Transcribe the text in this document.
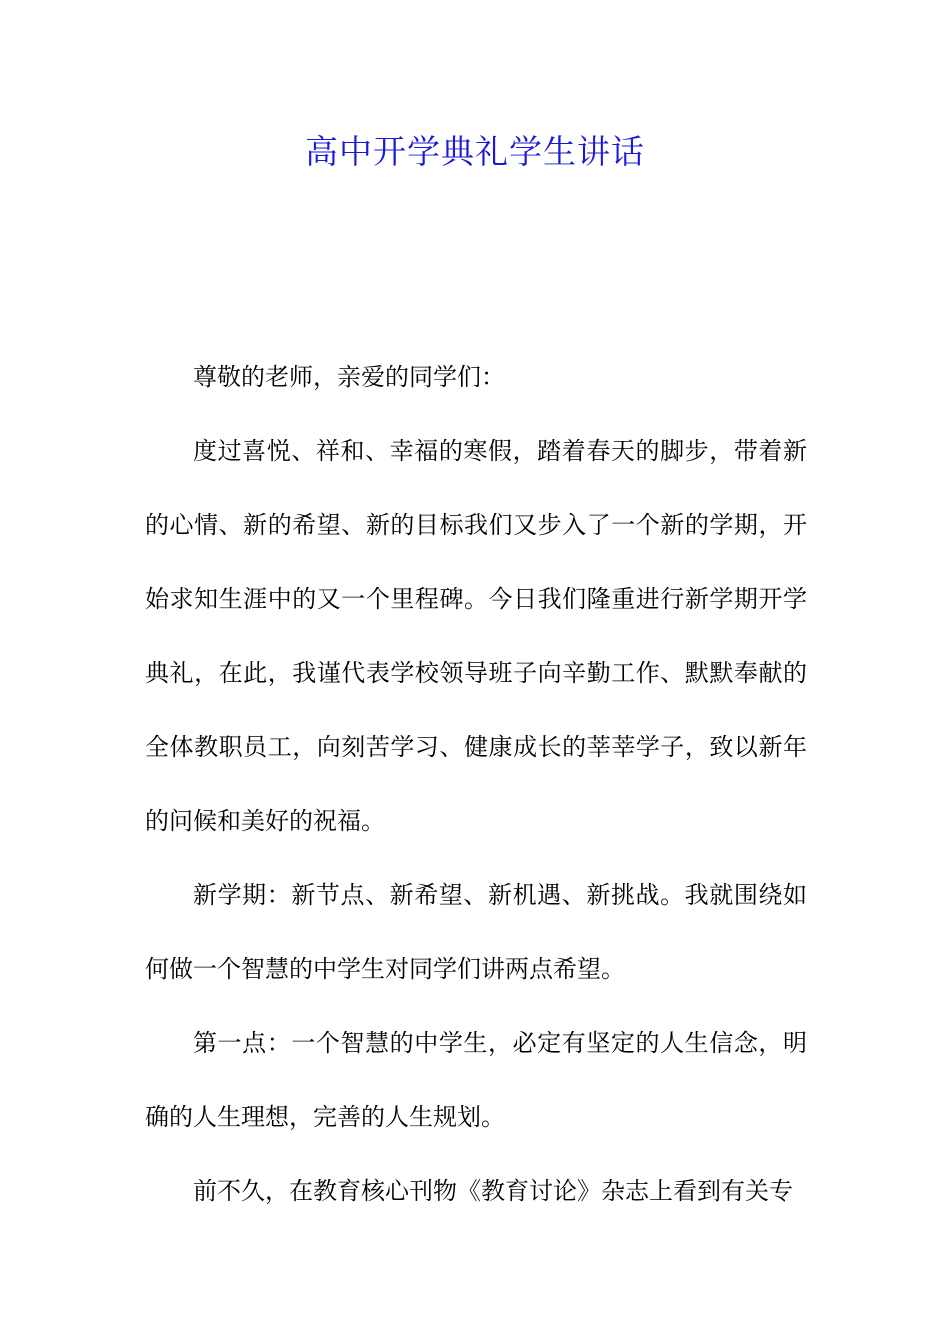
高中开学典礼学生讲话

尊敬的老师，亲爱的同学们：

度过喜悦、祥和、幸福的寒假，踏着春天的脚步，带着新的心情、新的希望、新的目标我们又步入了一个新的学期，开始求知生涯中的又一个里程碑。今日我们隆重进行新学期开学典礼，在此，我谨代表学校领导班子向辛勤工作、默默奉献的全体教职员工，向刻苦学习、健康成长的莘莘学子，致以新年的问候和美好的祝福。

新学期：新节点、新希望、新机遇、新挑战。我就围绕如何做一个智慧的中学生对同学们讲两点希望。

第一点：一个智慧的中学生，必定有坚定的人生信念，明确的人生理想，完善的人生规划。

前不久，在教育核心刊物《教育讨论》杂志上看到有关专
